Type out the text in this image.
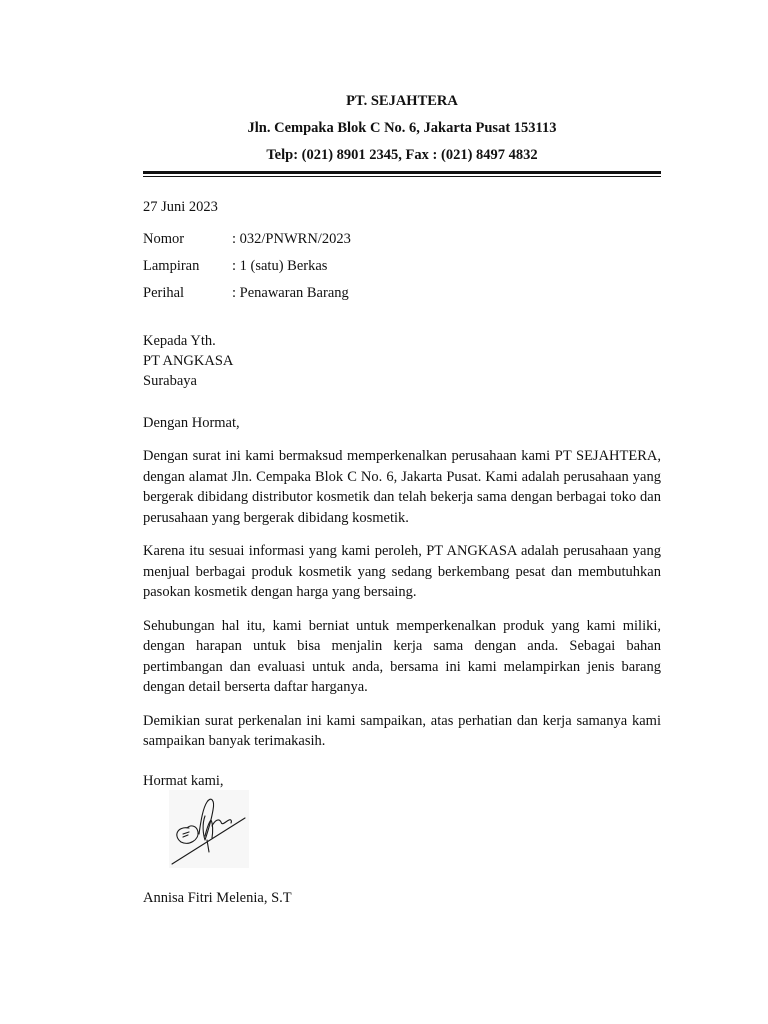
PT. SEJAHTERA
Jln. Cempaka Blok C No. 6, Jakarta Pusat 153113
Telp: (021) 8901 2345, Fax : (021) 8497 4832
27 Juni 2023
Nomor	: 032/PNWRN/2023
Lampiran	: 1 (satu) Berkas
Perihal	: Penawaran Barang
Kepada Yth.
PT ANGKASA
Surabaya
Dengan Hormat,

Dengan surat ini kami bermaksud memperkenalkan perusahaan kami PT SEJAHTERA, dengan alamat Jln. Cempaka Blok C No. 6, Jakarta Pusat. Kami adalah perusahaan yang bergerak dibidang distributor kosmetik dan telah bekerja sama dengan berbagai toko dan perusahaan yang bergerak dibidang kosmetik.

Karena itu sesuai informasi yang kami peroleh, PT ANGKASA adalah perusahaan yang menjual berbagai produk kosmetik yang sedang berkembang pesat dan membutuhkan pasokan kosmetik dengan harga yang bersaing.

Sehubungan hal itu, kami berniat untuk memperkenalkan produk yang kami miliki, dengan harapan untuk bisa menjalin kerja sama dengan anda. Sebagai bahan pertimbangan dan evaluasi untuk anda, bersama ini kami melampirkan jenis barang dengan detail berserta daftar harganya.

Demikian surat perkenalan ini kami sampaikan, atas perhatian dan kerja samanya kami sampaikan banyak terimakasih.

Hormat kami,
Annisa Fitri Melenia, S.T
